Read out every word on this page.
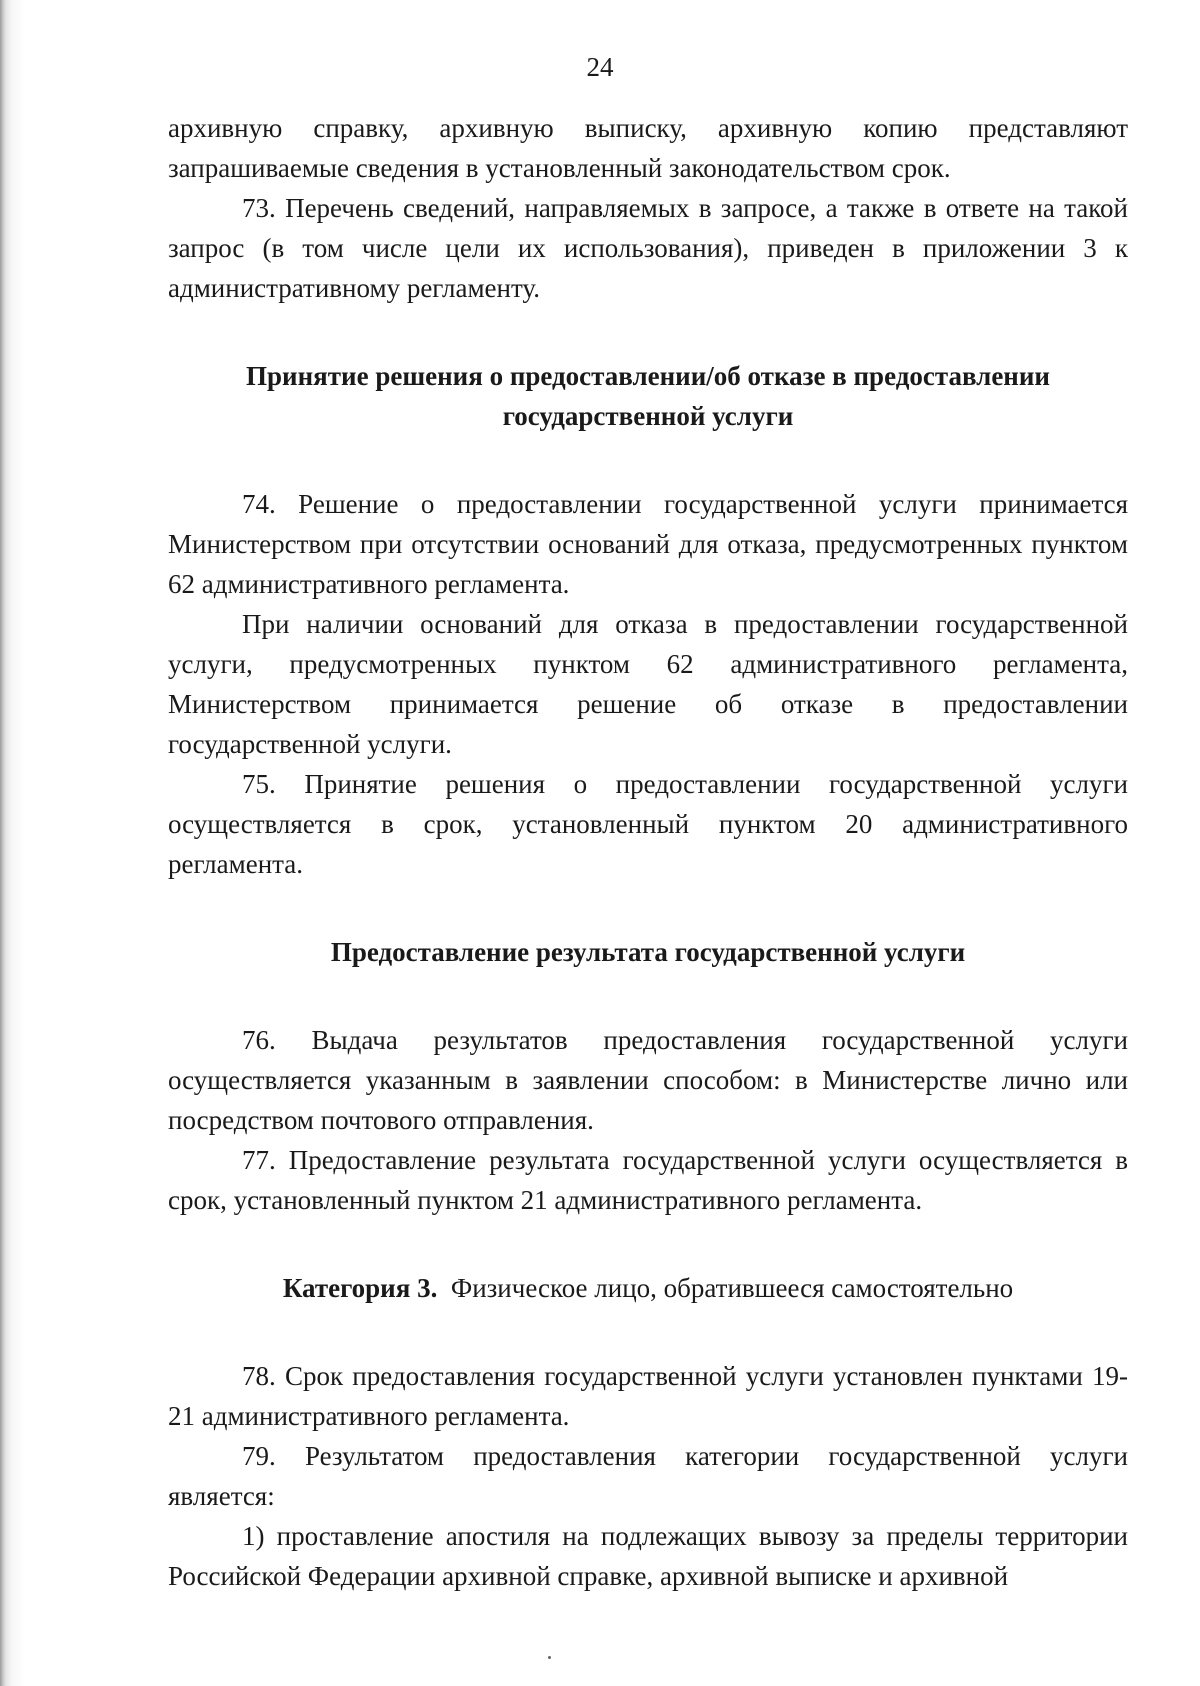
24

архивную справку, архивную выписку, архивную копию представляют запрашиваемые сведения в установленный законодательством срок.

73. Перечень сведений, направляемых в запросе, а также в ответе на такой запрос (в том числе цели их использования), приведен в приложении 3 к административному регламенту.

Принятие решения о предоставлении/об отказе в предоставлении

государственной услуги

74. Решение о предоставлении государственной услуги принимается Министерством при отсутствии оснований для отказа, предусмотренных пунктом 62 административного регламента.

При наличии оснований для отказа в предоставлении государственной услуги, предусмотренных пунктом 62 административного регламента, Министерством принимается решение об отказе в предоставлении государственной услуги.

75. Принятие решения о предоставлении государственной услуги осуществляется в срок, установленный пунктом 20 административного регламента.

Предоставление результата государственной услуги

76. Выдача результатов предоставления государственной услуги осуществляется указанным в заявлении способом: в Министерстве лично или посредством почтового отправления.

77. Предоставление результата государственной услуги осуществляется в срок, установленный пунктом 21 административного регламента.

Категория 3. Физическое лицо, обратившееся самостоятельно

78. Срок предоставления государственной услуги установлен пунктами 19-21 административного регламента.

79. Результатом предоставления категории государственной услуги является:

1) проставление апостиля на подлежащих вывозу за пределы территории Российской Федерации архивной справке, архивной выписке и архивной
